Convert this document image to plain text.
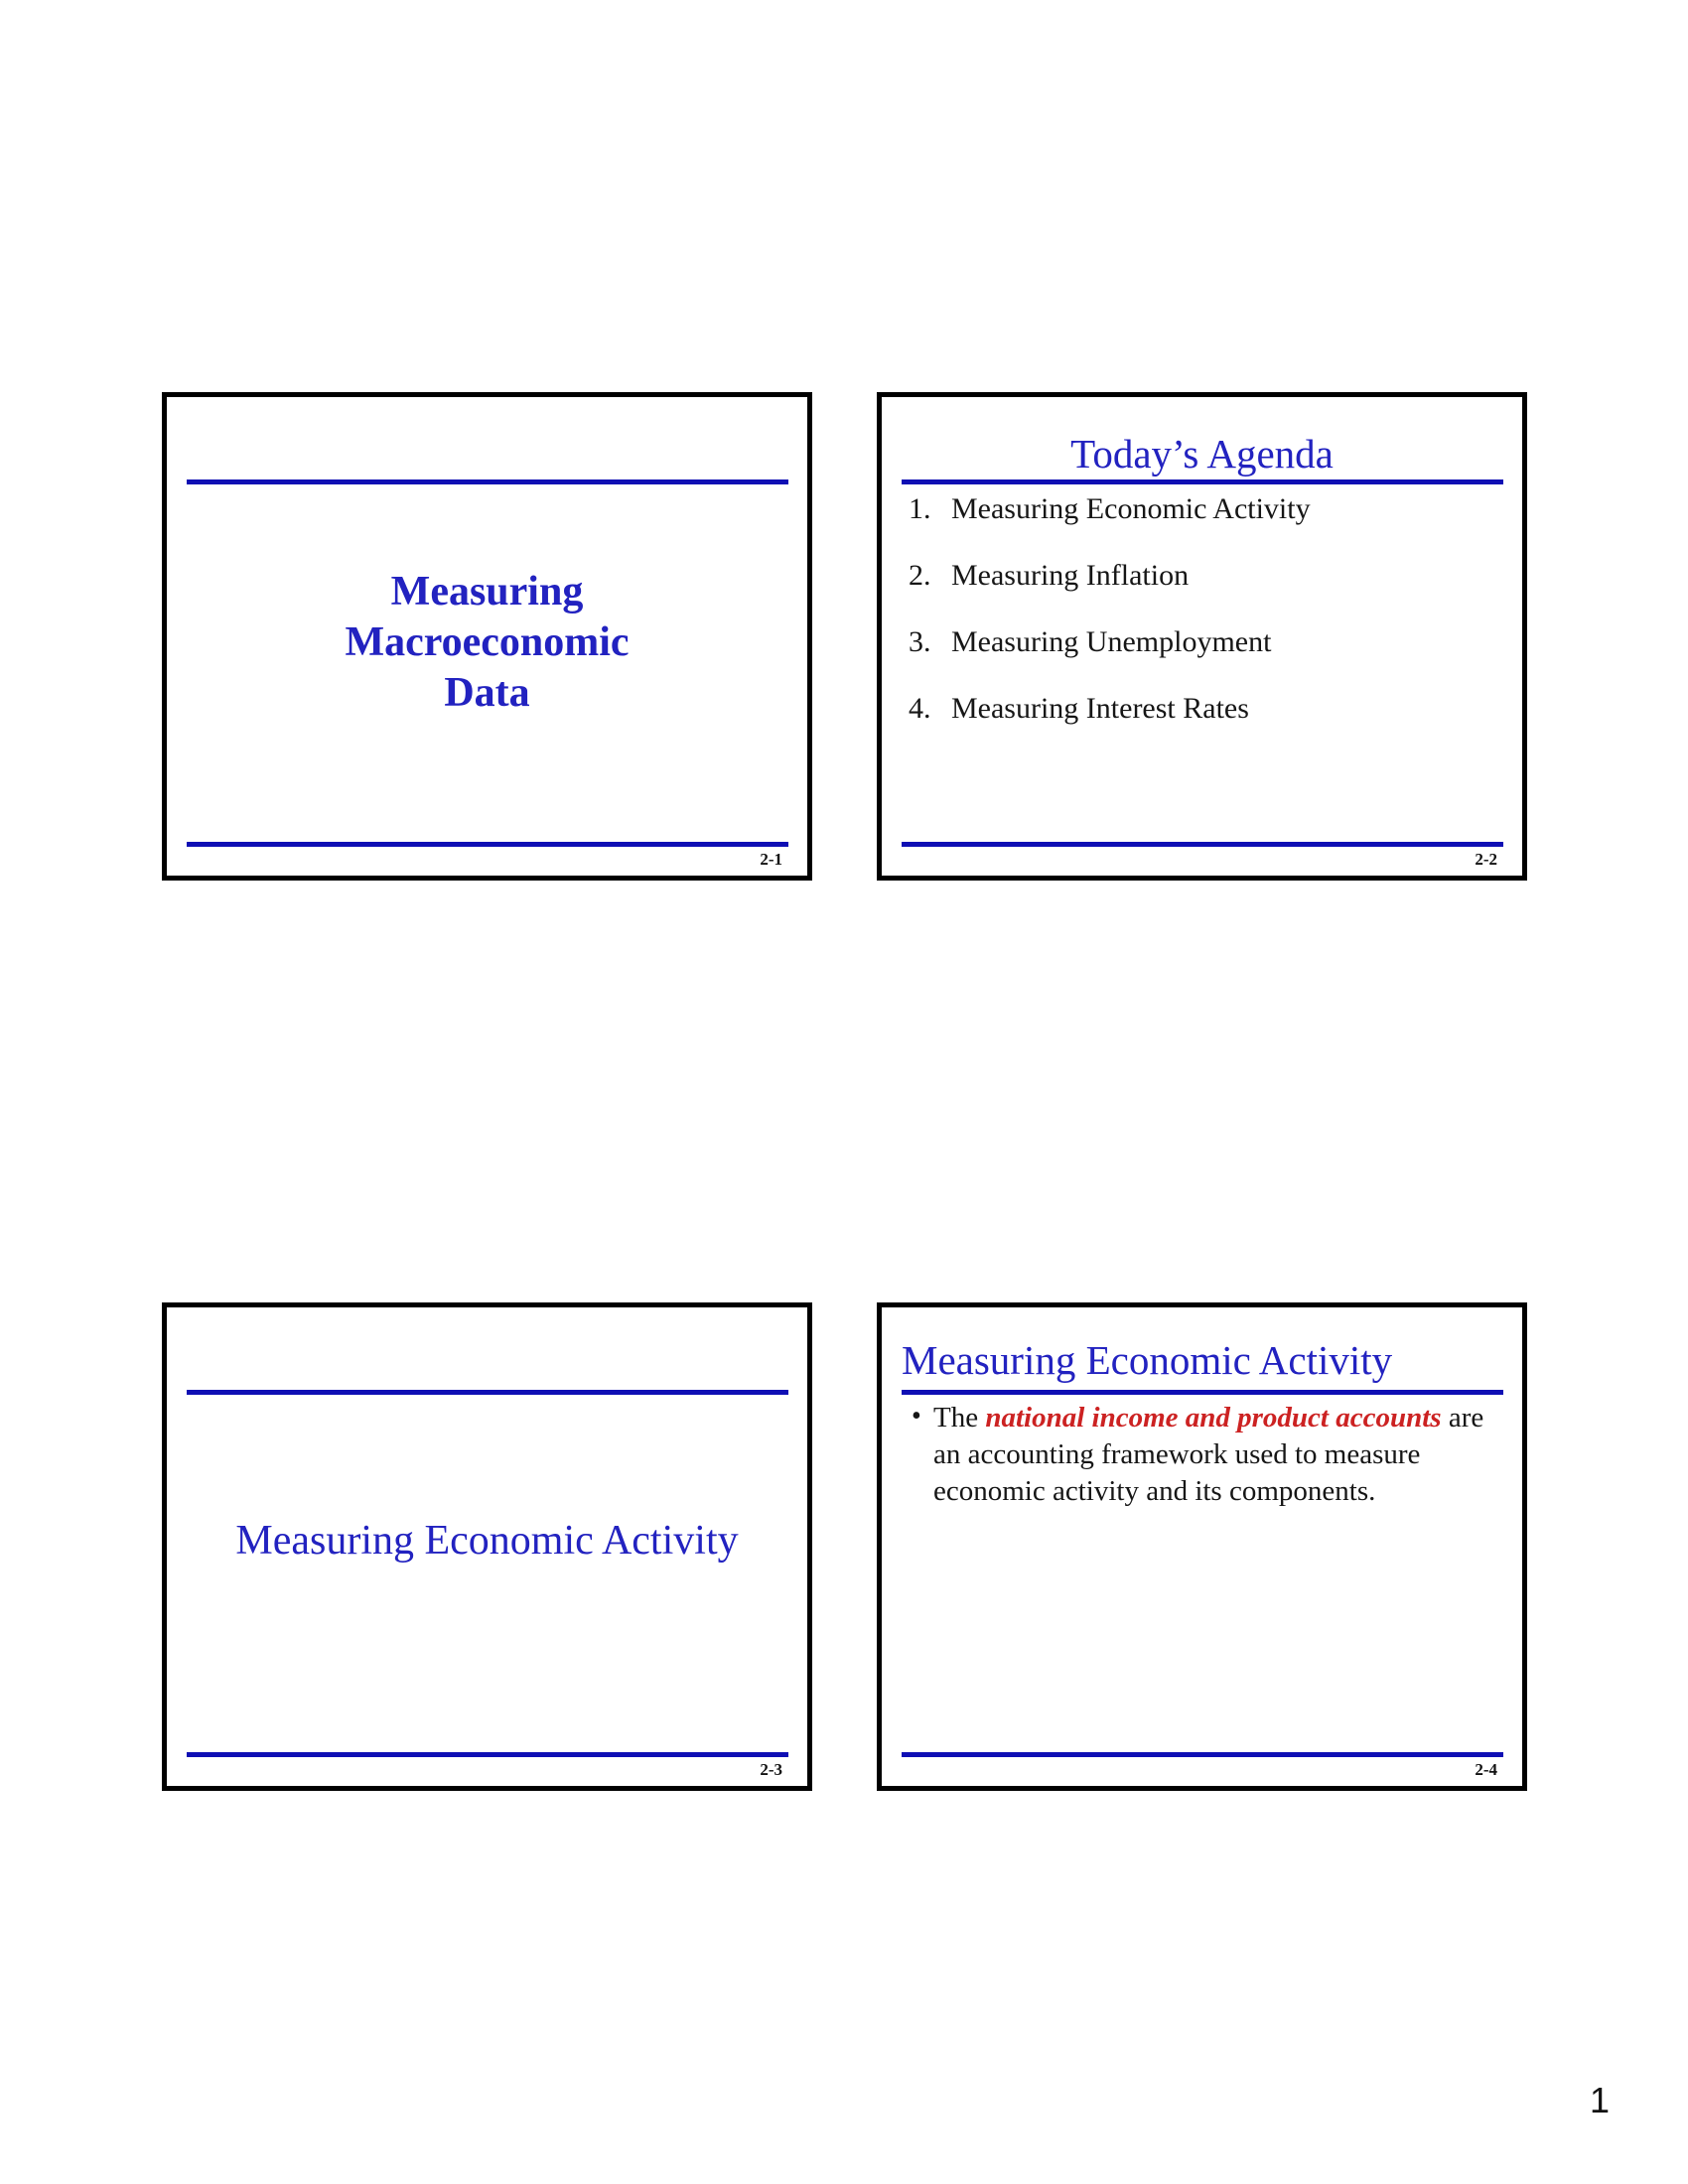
Measuring
Macroeconomic
Data
2-1
Today’s Agenda
1. Measuring Economic Activity
2. Measuring Inflation
3. Measuring Unemployment
4. Measuring Interest Rates
2-2
Measuring Economic Activity
2-3
Measuring Economic Activity
• The national income and product accounts are
an accounting framework used to measure
economic activity and its components.
2-4
1
